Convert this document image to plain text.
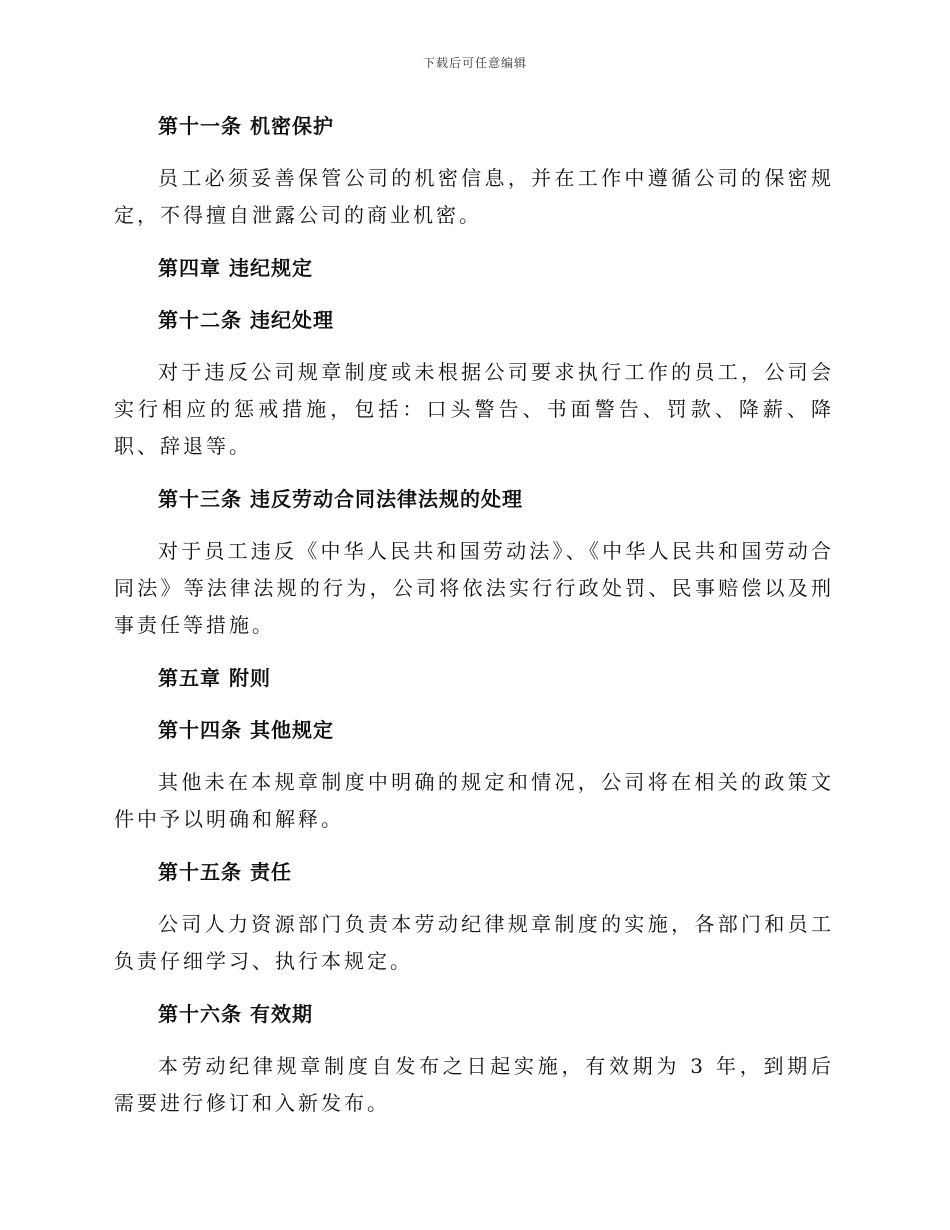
下载后可任意编辑
第十一条 机密保护
员工必须妥善保管公司的机密信息，并在工作中遵循公司的保密规定，不得擅自泄露公司的商业机密。
第四章 违纪规定
第十二条 违纪处理
对于违反公司规章制度或未根据公司要求执行工作的员工，公司会实行相应的惩戒措施，包括：口头警告、书面警告、罚款、降薪、降职、辞退等。
第十三条 违反劳动合同法律法规的处理
对于员工违反《中华人民共和国劳动法》、《中华人民共和国劳动合同法》等法律法规的行为，公司将依法实行行政处罚、民事赔偿以及刑事责任等措施。
第五章 附则
第十四条 其他规定
其他未在本规章制度中明确的规定和情况，公司将在相关的政策文件中予以明确和解释。
第十五条 责任
公司人力资源部门负责本劳动纪律规章制度的实施，各部门和员工负责仔细学习、执行本规定。
第十六条 有效期
本劳动纪律规章制度自发布之日起实施，有效期为 3 年，到期后需要进行修订和入新发布。
